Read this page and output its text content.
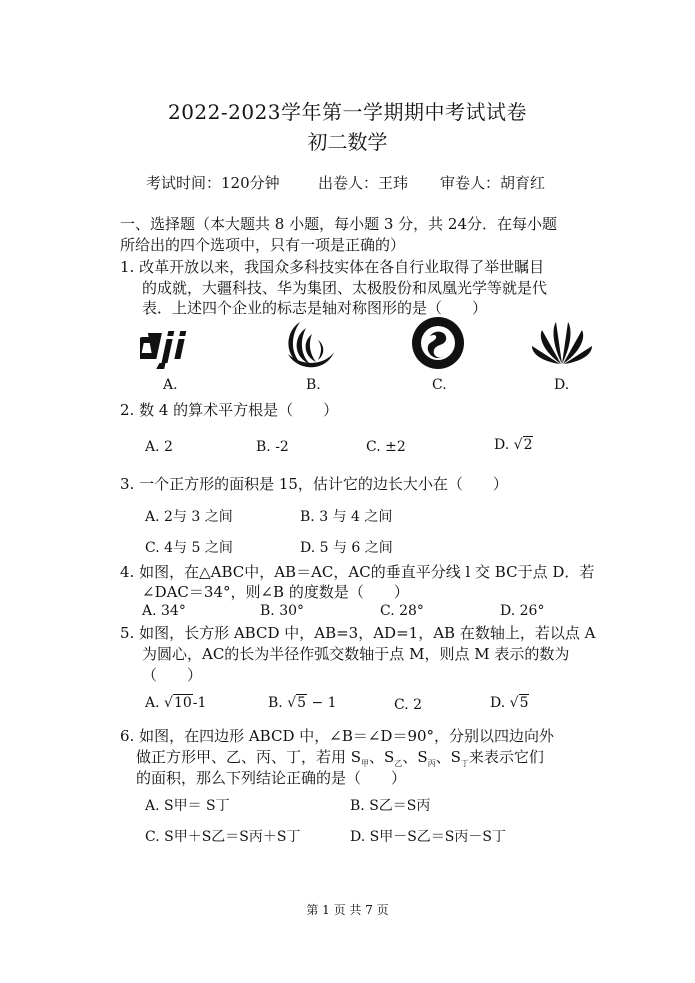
2022-2023学年第一学期期中考试试卷
初二数学
考试时间：120分钟	出卷人：王玮 审卷人：胡育红
一、选择题（本大题共 8 小题，每小题 3 分，共 24分．在每小题
所给出的四个选项中，只有一项是正确的）
1. 改革开放以来，我国众多科技实体在各自行业取得了举世瞩目
的成就，大疆科技、华为集团、太极股份和凤凰光学等就是代
表．上述四个企业的标志是轴对称图形的是（　　）
A.	B.	C.	D.
2. 数 4 的算术平方根是（　　）
A. 2	B. -2	C. ±2	D. √2
3. 一个正方形的面积是 15，估计它的边长大小在（　　）
A. 2与 3 之间	B. 3 与 4 之间
C. 4与 5 之间	D. 5 与 6 之间
4. 如图，在△ABC中，AB＝AC，AC的垂直平分线 l 交 BC于点 D．若
∠DAC＝34°，则∠B 的度数是（　　）
A. 34°	B. 30°	C. 28°	D. 26°
5. 如图，长方形 ABCD 中，AB=3，AD=1，AB 在数轴上，若以点 A
为圆心，AC的长为半径作弧交数轴于点 M，则点 M 表示的数为
（　　）
A. √10-1	B. √5 − 1	C. 2	D. √5
6. 如图，在四边形 ABCD 中，∠B＝∠D＝90°，分别以四边向外
做正方形甲、乙、丙、丁，若用 $S_甲$、$S_乙$、$S_丙$、$S_丁$来表示它们
的面积，那么下列结论正确的是（　　）
A. S甲＝ S丁	B. S乙＝S丙
C. S甲＋S乙＝S丙＋S丁	D. S甲－S乙＝S丙－S丁
第 1 页 共 7 页
